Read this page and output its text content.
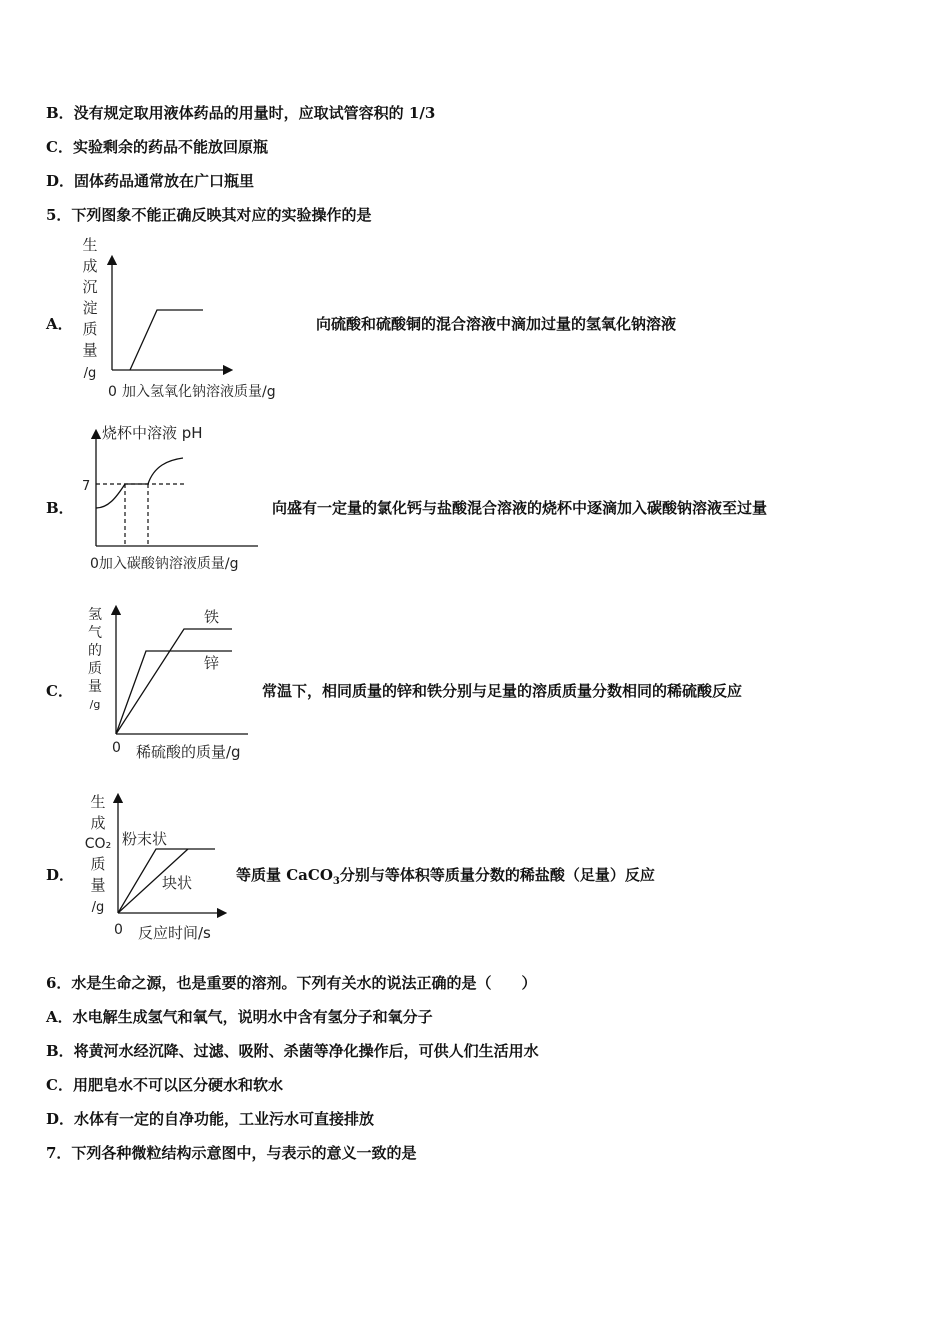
B．没有规定取用液体药品的用量时，应取试管容积的 1/3
C．实验剩余的药品不能放回原瓶
D．固体药品通常放在广口瓶里
5．下列图象不能正确反映其对应的实验操作的是
A．
生
成
沉
淀
质
量
/g
0 加入氢氧化钠溶液质量/g
向硫酸和硫酸铜的混合溶液中滴加过量的氢氧化钠溶液
B．
烧杯中溶液 pH
7
0加入碳酸钠溶液质量/g
向盛有一定量的氯化钙与盐酸混合溶液的烧杯中逐滴加入碳酸钠溶液至过量
C．
氢
气
的
质
量
/g
铁
锌
0 稀硫酸的质量/g
常温下，相同质量的锌和铁分别与足量的溶质质量分数相同的稀硫酸反应
D．
生
成
CO₂
质
量
/g
粉末状
块状
0 反应时间/s
等质量 CaCO$_3$分别与等体积等质量分数的稀盐酸（足量）反应
6．水是生命之源，也是重要的溶剂。下列有关水的说法正确的是（　　）
A．水电解生成氢气和氧气，说明水中含有氢分子和氧分子
B．将黄河水经沉降、过滤、吸附、杀菌等净化操作后，可供人们生活用水
C．用肥皂水不可以区分硬水和软水
D．水体有一定的自净功能，工业污水可直接排放
7．下列各种微粒结构示意图中，与表示的意义一致的是
